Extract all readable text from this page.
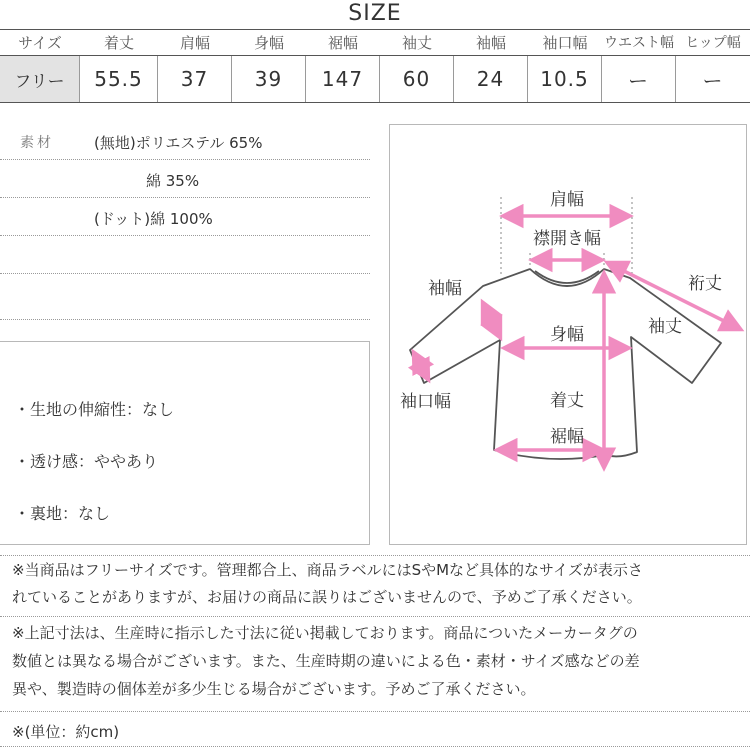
SIZE
サイズ	着丈	肩幅	身幅	裾幅	袖丈	袖幅	袖口幅	ウエスト幅 ヒップ幅
フリー	55.5	37	39	147	60	24	10.5	ー	ー
素材	(無地)ポリエステル 65%
綿 35%
(ドット)綿 100%
・生地の伸縮性：なし
・透け感：ややあり
・裏地：なし
肩幅
襟開き幅
裄丈
袖幅
袖丈
身幅
袖口幅	着丈
裾幅
※当商品はフリーサイズです。管理都合上、商品ラベルにはSやMなど具体的なサイズが表示さ
れていることがありますが、お届けの商品に誤りはございませんので、予めご了承ください。
※上記寸法は、生産時に指示した寸法に従い掲載しております。商品についたメーカータグの
数値とは異なる場合がございます。また、生産時期の違いによる色・素材・サイズ感などの差
異や、製造時の個体差が多少生じる場合がございます。予めご了承ください。
※(単位：約cm)
